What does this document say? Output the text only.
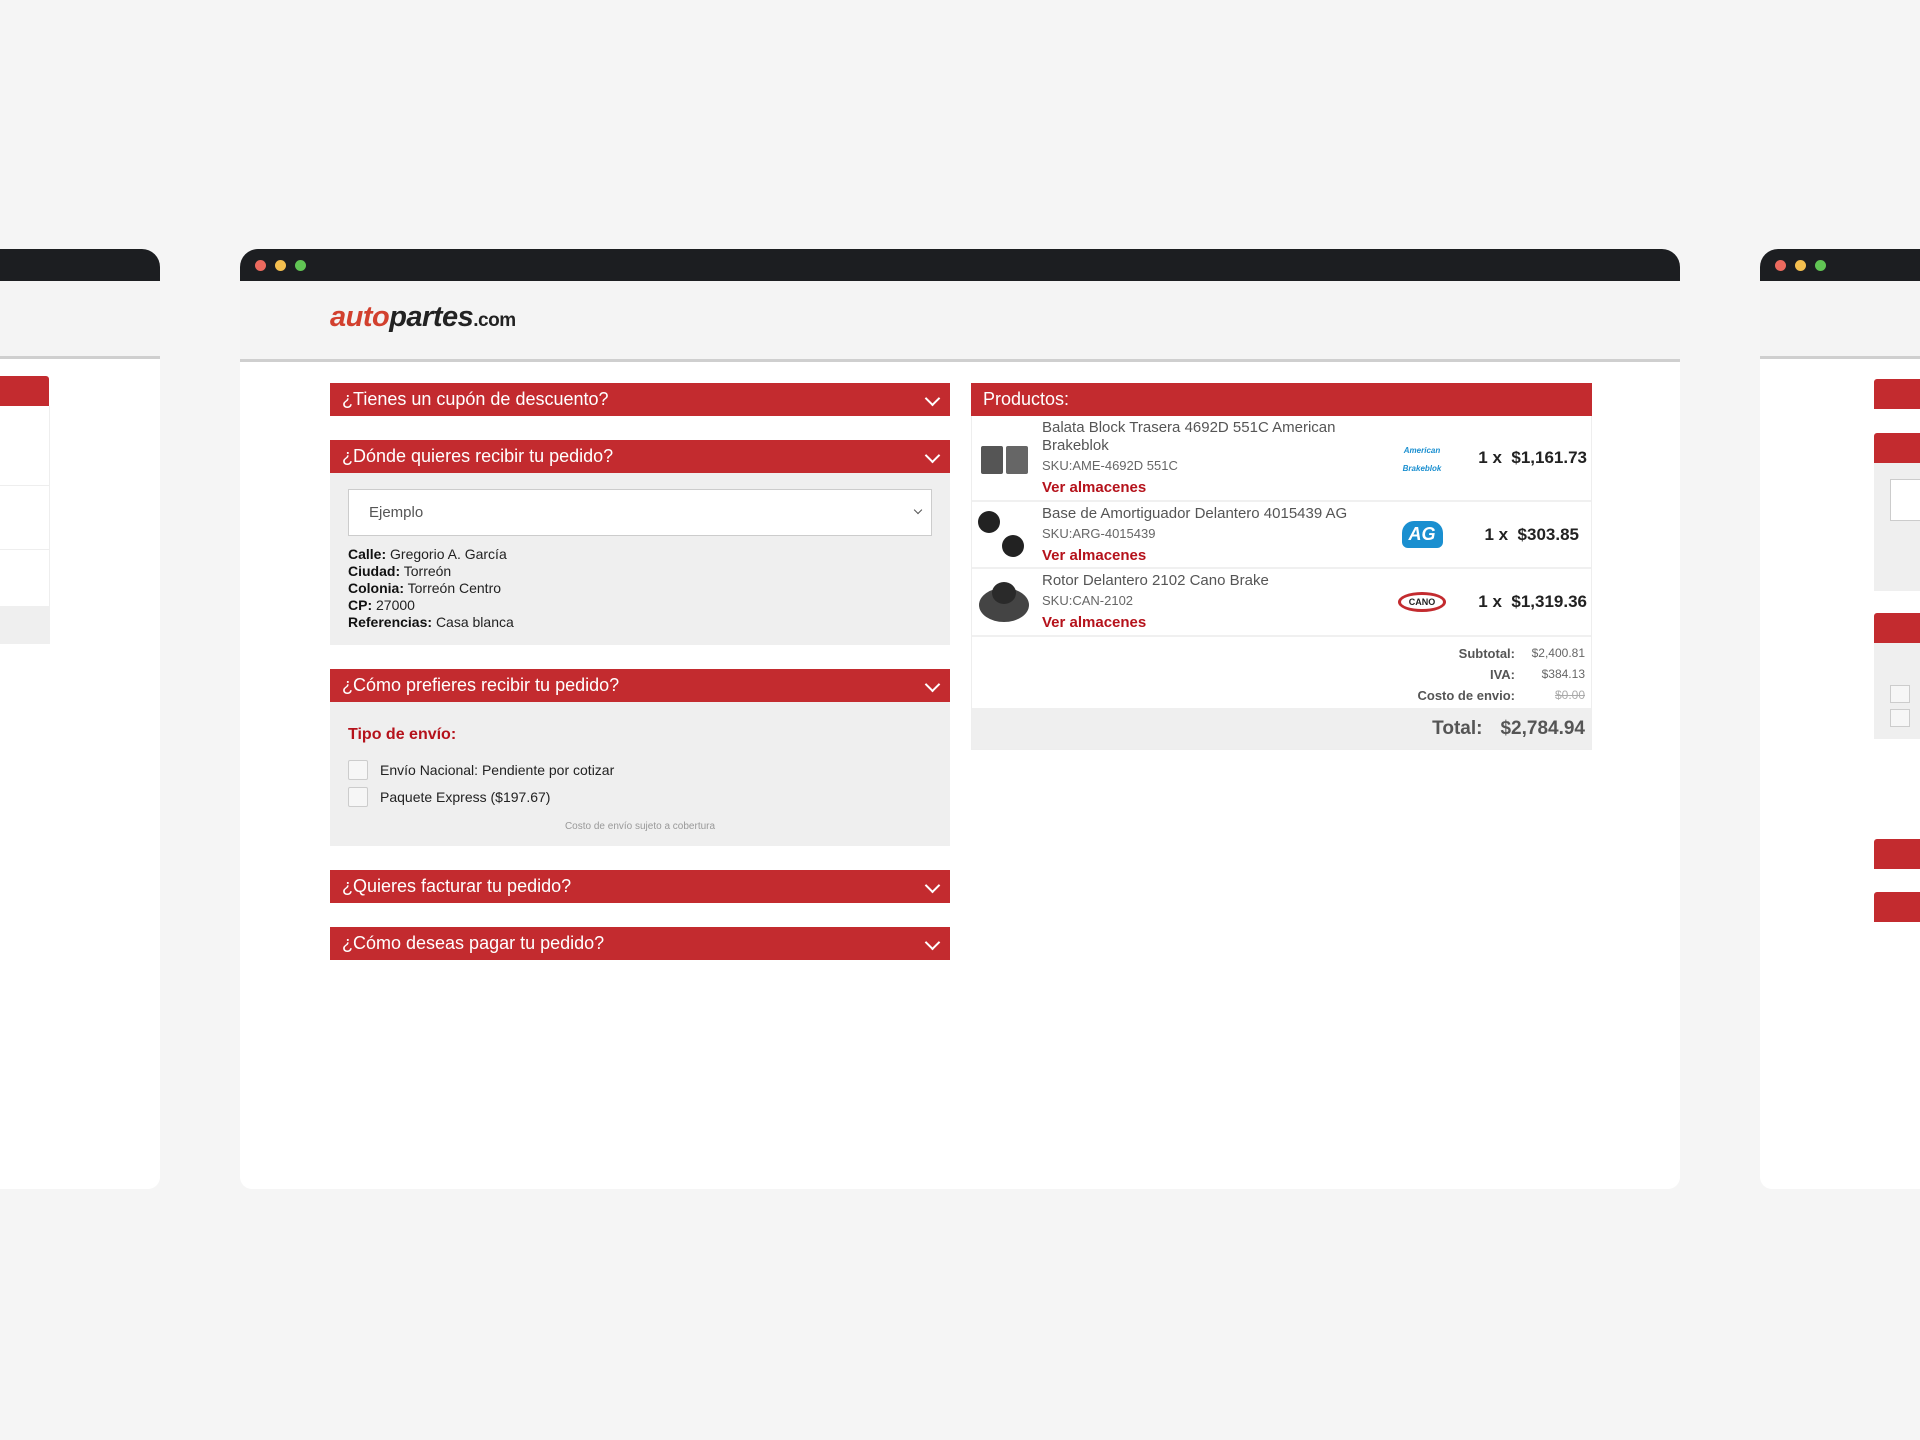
autopartes.com
¿Tienes un cupón de descuento?
¿Dónde quieres recibir tu pedido?
Ejemplo
Calle: Gregorio A. García
Ciudad: Torreón
Colonia: Torreón Centro
CP: 27000
Referencias: Casa blanca
¿Cómo prefieres recibir tu pedido?
Tipo de envío:
Envío Nacional: Pendiente por cotizar
Paquete Express ($197.67)
Costo de envío sujeto a cobertura
¿Quieres facturar tu pedido?
¿Cómo deseas pagar tu pedido?
Productos:
Balata Block Trasera 4692D 551C American Brakeblok
SKU:AME-4692D 551C
Ver almacenes
American
Brakeblok
1 x $1,161.73
Base de Amortiguador Delantero 4015439 AG
SKU:ARG-4015439
Ver almacenes
AG	1 x $303.85
Rotor Delantero 2102 Cano Brake
SKU:CAN-2102
Ver almacenes
CANO	1 x $1,319.36
Subtotal:	$2,400.81
IVA:	$384.13
Costo de envio:	$0.00
Total: $2,784.94
